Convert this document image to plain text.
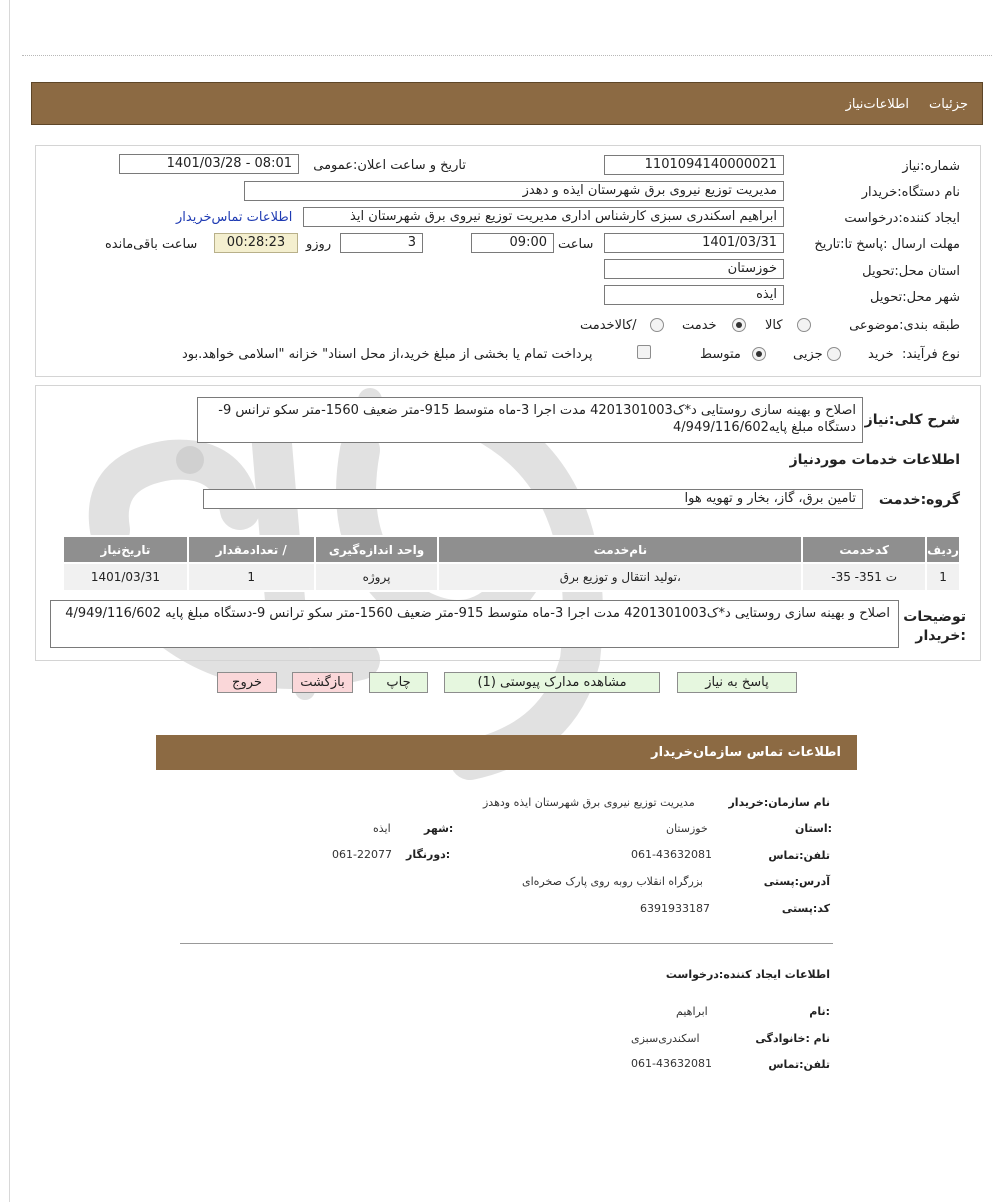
جزئیات
اطلاعات‌نیاز
شماره:نیاز
1101094140000021
تاریخ و ساعت اعلان:عمومی
1401/03/28 - 08:01
نام دستگاه:خریدار
مدیریت توزیع نیروی برق شهرستان ایذه و دهدز
ایجاد کننده:درخواست
ابراهیم اسکندری سبزی کارشناس اداری مدیریت توزیع نیروی برق شهرستان ایذ
اطلاعات تماس‌خریدار
مهلت ارسال :پاسخ تا:تاریخ
1401/03/31
ساعت
09:00
3
روزو
00:28:23
ساعت باقی‌مانده
استان محل:تحویل
خوزستان
شهر محل:تحویل
ایذه
طبقه بندی:موضوعی
کالا
خدمت
/کالاخدمت
نوع فرآیند:
خرید
جزیی
متوسط
پرداخت تمام یا بخشی از مبلغ خرید،از محل اسناد" خزانه "اسلامی خواهد.بود
شرح کلی:نیاز
اصلاح و بهینه سازی روستایی د*ک4201301003 مدت اجرا 3-ماه متوسط 915-متر ضعیف 1560-متر سکو ترانس 9-دستگاه مبلغ پایه4/949/116/602
اطلاعات خدمات موردنیاز
گروه:خدمت
تامین برق، گاز، بخار و تهویه هوا
ردیف	کدخدمت	نام‌خدمت	واحد اندازه‌گیری	/ تعدادمقدار	تاریخ‌نیاز
1	ت 351- 35-	،تولید انتقال و توزیع برق	پروژه	1	1401/03/31
توضیحات :خریدار
اصلاح و بهینه سازی روستایی د*ک4201301003 مدت اجرا 3-ماه متوسط 915-متر ضعیف 1560-متر سکو ترانس 9-دستگاه مبلغ پایه 4/949/116/602
پاسخ به نیاز
مشاهده مدارک پیوستی (1)
چاپ
بازگشت
خروج
اطلاعات تماس سازمان‌خریدار
نام سازمان:خریدار
مدیریت توزیع نیروی برق شهرستان ایذه ودهدز
:استان
خوزستان
:شهر
ایذه
تلفن:تماس
061-43632081
:دورنگار
061-22077
آدرس:پستی
بزرگراه انقلاب روبه روی پارک صخره‌ای
کد:پستی
6391933187
اطلاعات ایجاد کننده:درخواست
:نام
ابراهیم
نام :خانوادگی
اسکندری‌سبزی
تلفن:تماس
061-43632081
